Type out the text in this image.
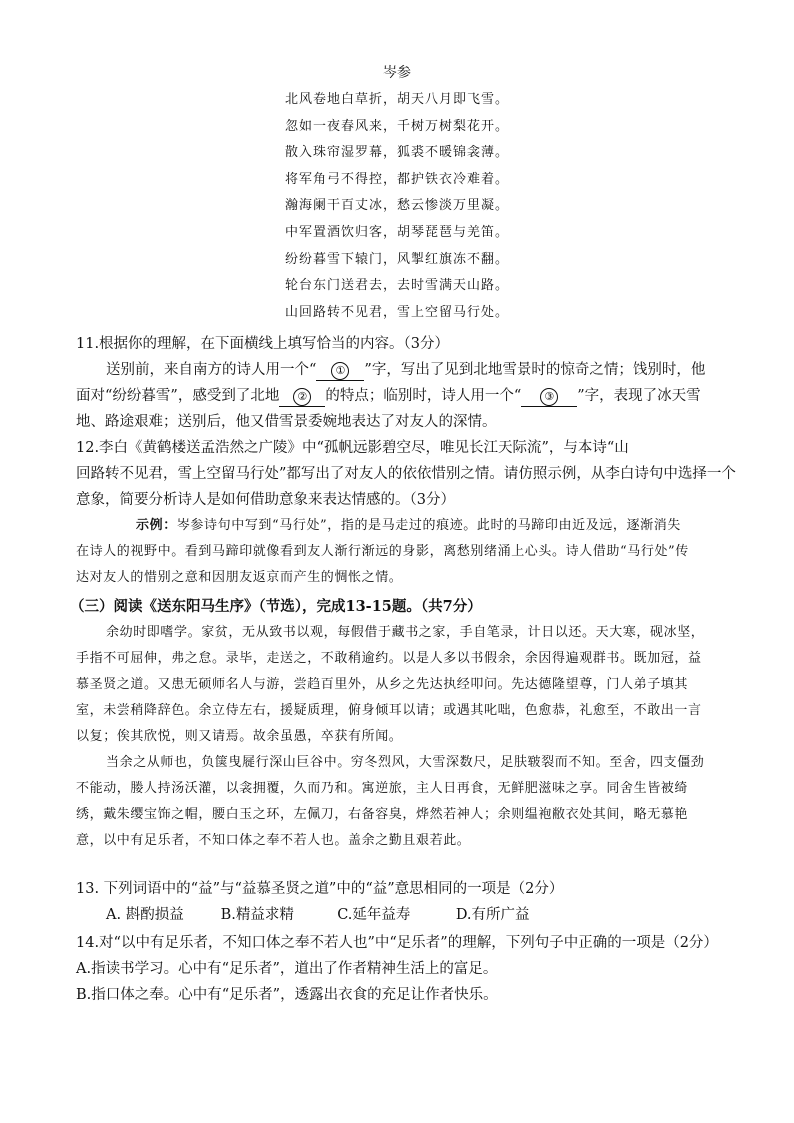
岑参
北风卷地白草折，胡天八月即飞雪。
忽如一夜春风来，千树万树梨花开。
散入珠帘湿罗幕，狐裘不暖锦衾薄。
将军角弓不得控，都护铁衣冷难着。
瀚海阑干百丈冰，愁云惨淡万里凝。
中军置酒饮归客，胡琴琵琶与羌笛。
纷纷暮雪下辕门，风掣红旗冻不翻。
轮台东门送君去，去时雪满天山路。
山回路转不见君，雪上空留马行处。
11.根据你的理解，在下面横线上填写恰当的内容。（3分）
送别前，来自南方的诗人用一个“ ① ”字，写出了见到北地雪景时的惊奇之情；饯别时，他
面对“纷纷暮雪”，感受到了北地 ② 的特点；临别时，诗人用一个“ ③ ”字，表现了冰天雪
地、路途艰难；送别后，他又借雪景委婉地表达了对友人的深情。
12.李白《黄鹤楼送孟浩然之广陵》中“孤帆远影碧空尽，唯见长江天际流”，与本诗“山
回路转不见君，雪上空留马行处”都写出了对友人的依依惜别之情。请仿照示例，从李白诗句中选择一个
意象，简要分析诗人是如何借助意象来表达情感的。（3分）
示例：岑参诗句中写到“马行处”，指的是马走过的痕迹。此时的马蹄印由近及远，逐渐消失
在诗人的视野中。看到马蹄印就像看到友人渐行渐远的身影，离愁别绪涌上心头。诗人借助“马行处”传
达对友人的惜别之意和因朋友返京而产生的惆怅之情。
（三）阅读《送东阳马生序》（节选），完成13-15题。（共7分）
余幼时即嗜学。家贫，无从致书以观，每假借于藏书之家，手自笔录，计日以还。天大寒，砚冰坚，
手指不可屈伸，弗之怠。录毕，走送之，不敢稍逾约。以是人多以书假余，余因得遍观群书。既加冠，益
慕圣贤之道。又患无硕师名人与游，尝趋百里外，从乡之先达执经叩问。先达德隆望尊，门人弟子填其
室，未尝稍降辞色。余立侍左右，援疑质理，俯身倾耳以请；或遇其叱咄，色愈恭，礼愈至，不敢出一言
以复；俟其欣悦，则又请焉。故余虽愚，卒获有所闻。
当余之从师也，负箧曳屣行深山巨谷中。穷冬烈风，大雪深数尺，足肤皲裂而不知。至舍，四支僵劲
不能动，媵人持汤沃灌，以衾拥覆，久而乃和。寓逆旅，主人日再食，无鲜肥滋味之享。同舍生皆被绮
绣，戴朱缨宝饰之帽，腰白玉之环，左佩刀，右备容臭，烨然若神人；余则缊袍敝衣处其间，略无慕艳
意，以中有足乐者，不知口体之奉不若人也。盖余之勤且艰若此。
13. 下列词语中的“益”与“益慕圣贤之道”中的“益”意思相同的一项是（2分）
A. 斟酌损益	B.精益求精	C.延年益寿	D.有所广益
14.对“以中有足乐者，不知口体之奉不若人也”中“足乐者”的理解，下列句子中正确的一项是（2分）
A.指读书学习。心中有“足乐者”，道出了作者精神生活上的富足。
B.指口体之奉。心中有“足乐者”，透露出衣食的充足让作者快乐。
